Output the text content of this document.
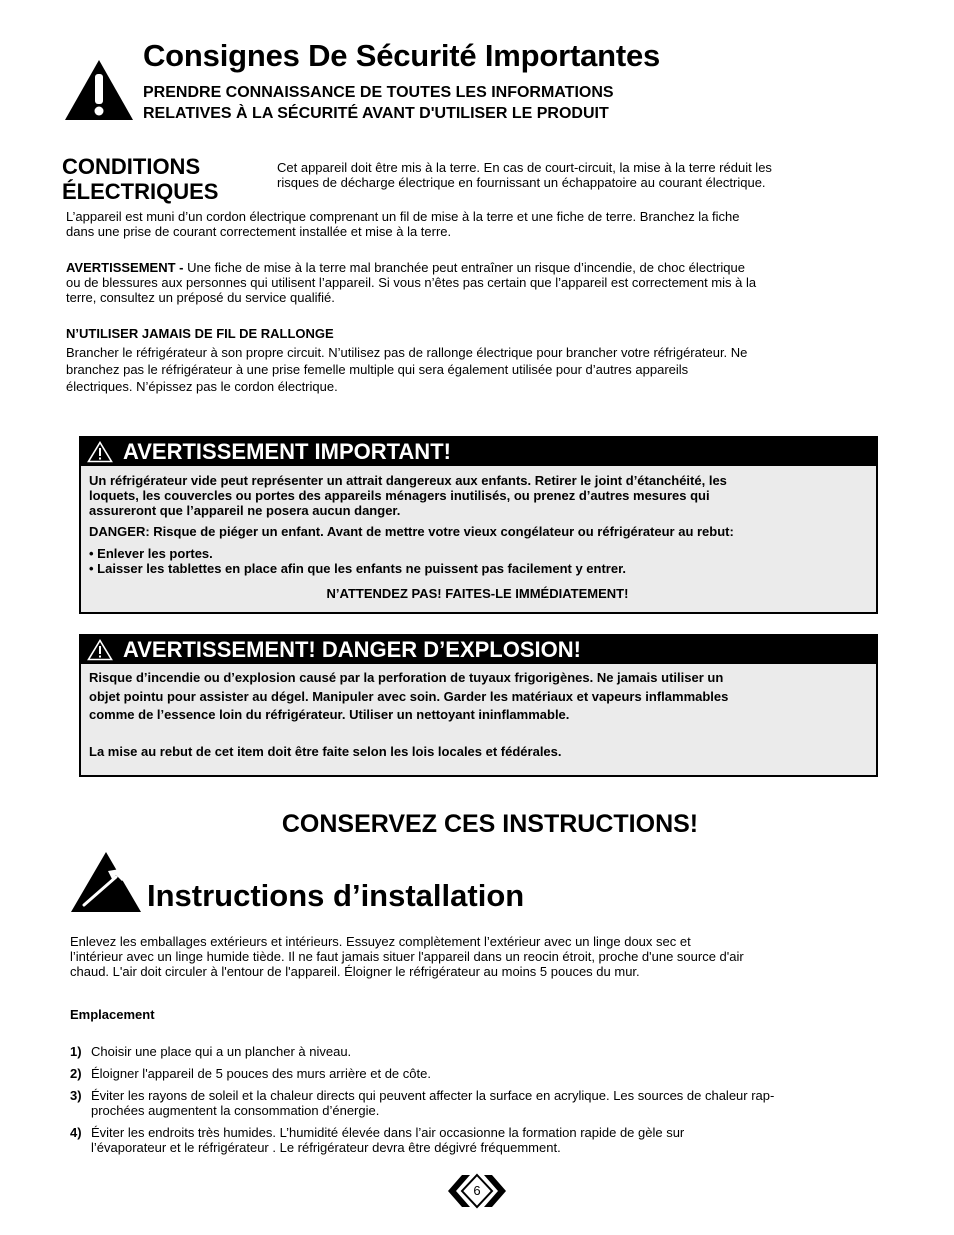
Consignes De Sécurité Importantes
PRENDRE CONNAISSANCE DE TOUTES LES INFORMATIONS
RELATIVES À LA SÉCURITÉ AVANT D'UTILISER LE PRODUIT
CONDITIONS
ÉLECTRIQUES
Cet appareil doit être mis à la terre. En cas de court-circuit, la mise à la terre réduit les
risques de décharge électrique en fournissant un échappatoire au courant électrique.
L’appareil est muni d’un cordon électrique comprenant un fil de mise à la terre et une fiche de terre. Branchez la fiche
dans une prise de courant correctement installée et mise à la terre.
AVERTISSEMENT - Une fiche de mise à la terre mal branchée peut entraîner un risque d’incendie, de choc électrique
ou de blessures aux personnes qui utilisent l’appareil. Si vous n’êtes pas certain que l’appareil est correctement mis à la
terre, consultez un préposé du service qualifié.
N’UTILISER JAMAIS DE FIL DE RALLONGE
Brancher le réfrigérateur à son propre circuit. N’utilisez pas de rallonge électrique pour brancher votre réfrigérateur. Ne
branchez pas le réfrigérateur à une prise femelle multiple qui sera également utilisée pour d’autres appareils
électriques. N’épissez pas le cordon électrique.
AVERTISSEMENT IMPORTANT!

Un réfrigérateur vide peut représenter un attrait dangereux aux enfants. Retirer le joint d’étanchéité, les
loquets, les couvercles ou portes des appareils ménagers inutilisés, ou prenez d’autres mesures qui
assureront que l’appareil ne posera aucun danger.

DANGER: Risque de piéger un enfant. Avant de mettre votre vieux congélateur ou réfrigérateur au rebut:

• Enlever les portes.
• Laisser les tablettes en place afin que les enfants ne puissent pas facilement y entrer.

N’ATTENDEZ PAS! FAITES-LE IMMÉDIATEMENT!

AVERTISSEMENT! DANGER D’EXPLOSION!

Risque d’incendie ou d’explosion causé par la perforation de tuyaux frigorigènes. Ne jamais utiliser un
objet pointu pour assister au dégel. Manipuler avec soin. Garder les matériaux et vapeurs inflammables
comme de l’essence loin du réfrigérateur. Utiliser un nettoyant ininflammable.

La mise au rebut de cet item doit être faite selon les lois locales et fédérales.

CONSERVEZ CES INSTRUCTIONS!
Instructions d’installation
Enlevez les emballages extérieurs et intérieurs. Essuyez complètement l’extérieur avec un linge doux sec et
l’intérieur avec un linge humide tiède. Il ne faut jamais situer l'appareil dans un reocin étroit, proche d'une source d'air
chaud. L'air doit circuler à l'entour de l'appareil. Éloigner le réfrigérateur au moins 5 pouces du mur.
Emplacement
1) Choisir une place qui a un plancher à niveau.
2) Éloigner l'appareil de 5 pouces des murs arrière et de côte.
3) Éviter les rayons de soleil et la chaleur directs qui peuvent affecter la surface en acrylique. Les sources de chaleur rap-
prochées augmentent la consommation d’énergie.
4) Éviter les endroits très humides. L’humidité élevée dans l’air occasionne la formation rapide de gèle sur
l’évaporateur et le réfrigérateur . Le réfrigérateur devra être dégivré fréquemment.
6
